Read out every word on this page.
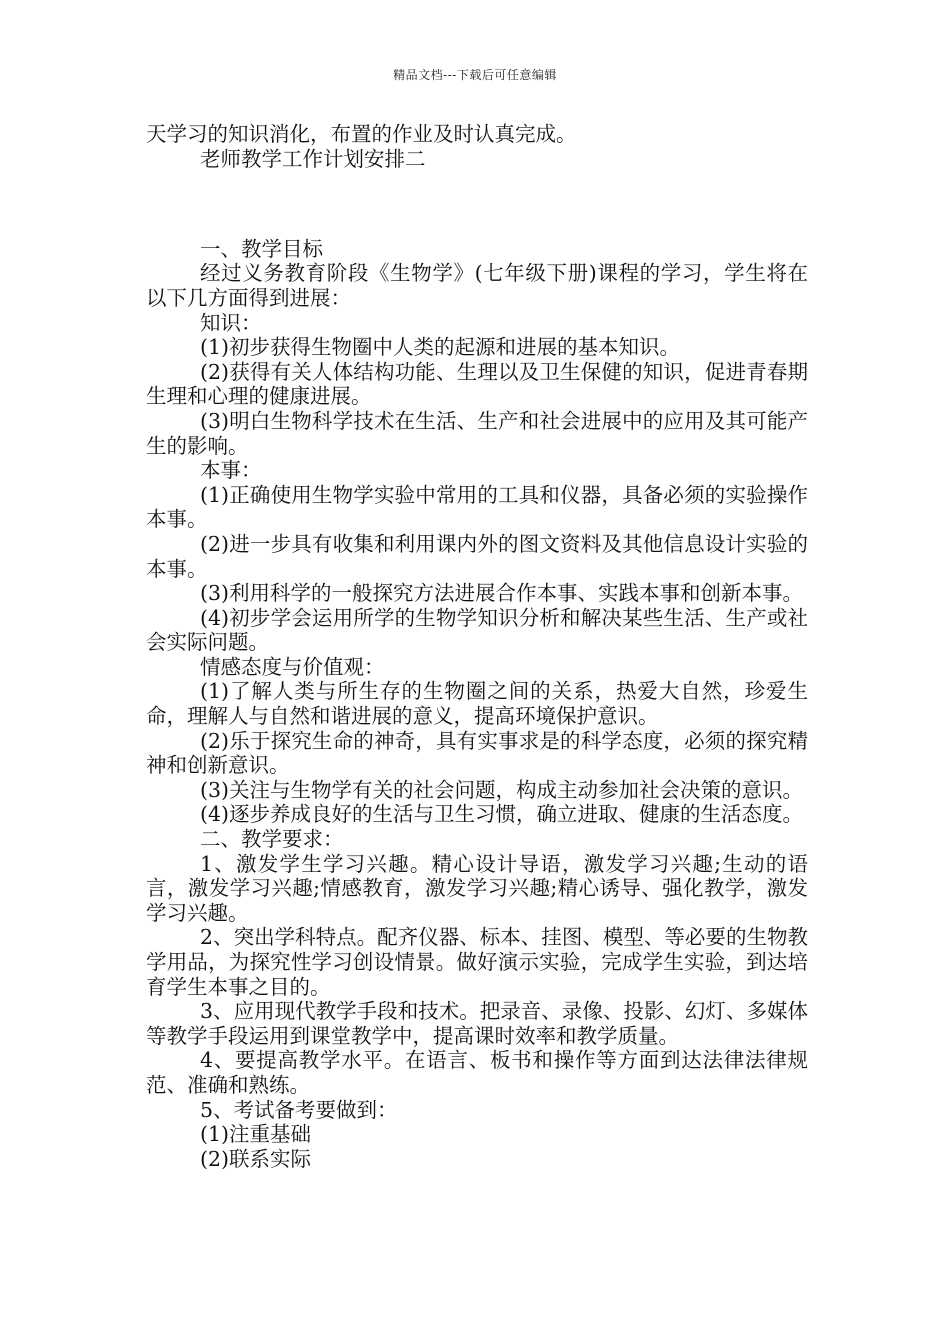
精品文档---下载后可任意编辑

天学习的知识消化，布置的作业及时认真完成。

老师教学工作计划安排二

一、教学目标

经过义务教育阶段《生物学》(七年级下册)课程的学习，学生将在以下几方面得到进展：

知识：

(1)初步获得生物圈中人类的起源和进展的基本知识。

(2)获得有关人体结构功能、生理以及卫生保健的知识，促进青春期生理和心理的健康进展。

(3)明白生物科学技术在生活、生产和社会进展中的应用及其可能产生的影响。

本事：

(1)正确使用生物学实验中常用的工具和仪器，具备必须的实验操作本事。

(2)进一步具有收集和利用课内外的图文资料及其他信息设计实验的本事。

(3)利用科学的一般探究方法进展合作本事、实践本事和创新本事。

(4)初步学会运用所学的生物学知识分析和解决某些生活、生产或社会实际问题。

情感态度与价值观：

(1)了解人类与所生存的生物圈之间的关系，热爱大自然，珍爱生命，理解人与自然和谐进展的意义，提高环境保护意识。

(2)乐于探究生命的神奇，具有实事求是的科学态度，必须的探究精神和创新意识。

(3)关注与生物学有关的社会问题，构成主动参加社会决策的意识。

(4)逐步养成良好的生活与卫生习惯，确立进取、健康的生活态度。

二、教学要求：

1、激发学生学习兴趣。精心设计导语，激发学习兴趣;生动的语言，激发学习兴趣;情感教育，激发学习兴趣;精心诱导、强化教学，激发学习兴趣。

2、突出学科特点。配齐仪器、标本、挂图、模型、等必要的生物教学用品，为探究性学习创设情景。做好演示实验，完成学生实验，到达培育学生本事之目的。

3、应用现代教学手段和技术。把录音、录像、投影、幻灯、多媒体等教学手段运用到课堂教学中，提高课时效率和教学质量。

4、要提高教学水平。在语言、板书和操作等方面到达法律法律规范、准确和熟练。

5、考试备考要做到：

(1)注重基础

(2)联系实际
